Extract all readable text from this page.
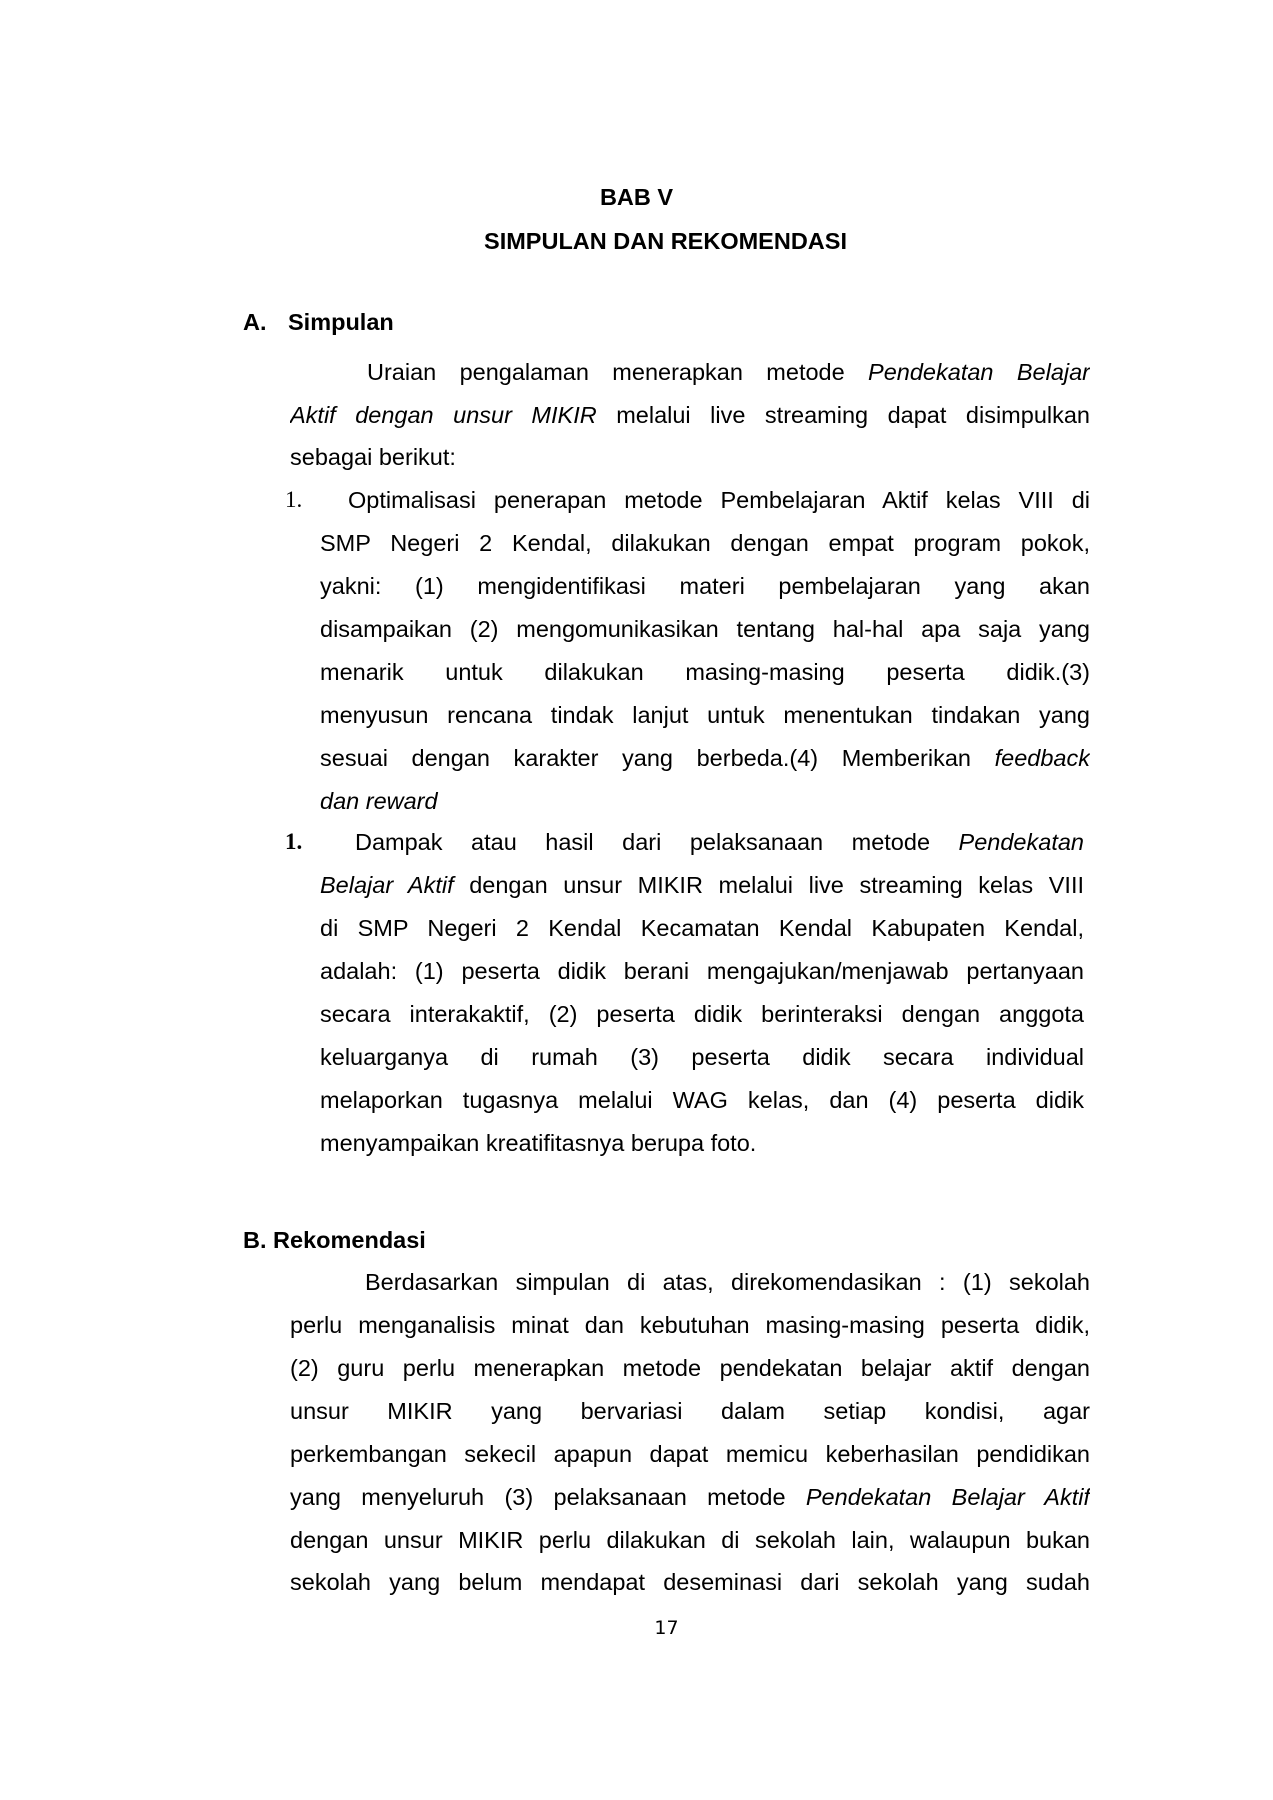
BAB V
SIMPULAN DAN REKOMENDASI
A. Simpulan
Uraian pengalaman menerapkan metode Pendekatan Belajar
Aktif dengan unsur MIKIR melalui live streaming dapat disimpulkan
sebagai berikut:
1. Optimalisasi penerapan metode Pembelajaran Aktif kelas VIII di
SMP Negeri 2 Kendal, dilakukan dengan empat program pokok,
yakni: (1) mengidentifikasi materi pembelajaran yang akan
disampaikan (2) mengomunikasikan tentang hal-hal apa saja yang
menarik untuk dilakukan masing-masing peserta didik.(3)
menyusun rencana tindak lanjut untuk menentukan tindakan yang
sesuai dengan karakter yang berbeda.(4) Memberikan feedback
dan reward
1. Dampak atau hasil dari pelaksanaan metode Pendekatan
Belajar Aktif dengan unsur MIKIR melalui live streaming kelas VIII
di SMP Negeri 2 Kendal Kecamatan Kendal Kabupaten Kendal,
adalah: (1) peserta didik berani mengajukan/menjawab pertanyaan
secara interakaktif, (2) peserta didik berinteraksi dengan anggota
keluarganya di rumah (3) peserta didik secara individual
melaporkan tugasnya melalui WAG kelas, dan (4) peserta didik
menyampaikan kreatifitasnya berupa foto.
B. Rekomendasi
Berdasarkan simpulan di atas, direkomendasikan : (1) sekolah
perlu menganalisis minat dan kebutuhan masing-masing peserta didik,
(2) guru perlu menerapkan metode pendekatan belajar aktif dengan
unsur MIKIR yang bervariasi dalam setiap kondisi, agar
perkembangan sekecil apapun dapat memicu keberhasilan pendidikan
yang menyeluruh (3) pelaksanaan metode Pendekatan Belajar Aktif
dengan unsur MIKIR perlu dilakukan di sekolah lain, walaupun bukan
sekolah yang belum mendapat deseminasi dari sekolah yang sudah
17
